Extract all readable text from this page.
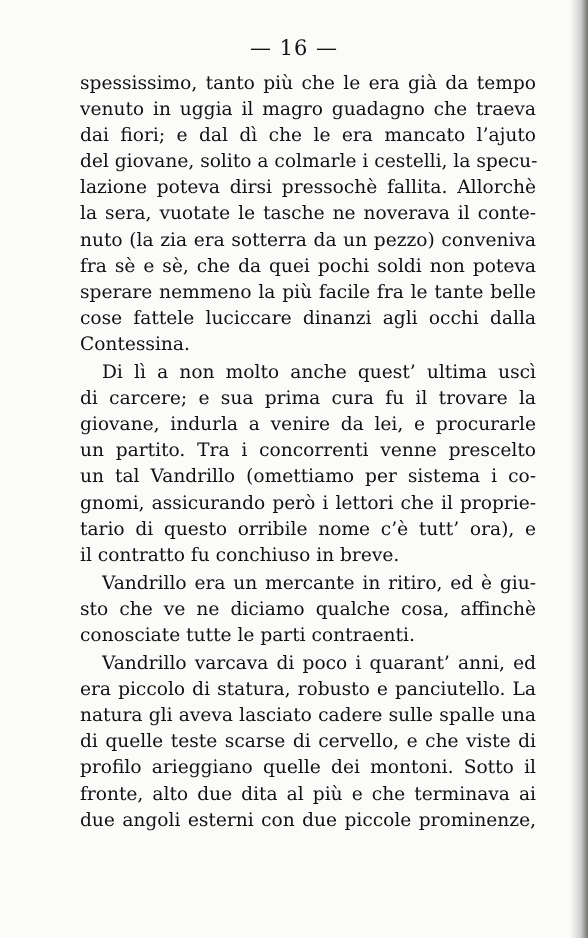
— 16 —
spessissimo, tanto più che le era già da tempo
venuto in uggia il magro guadagno che traeva
dai fiori; e dal dì che le era mancato l’ajuto
del giovane, solito a colmarle i cestelli, la specu-
lazione poteva dirsi pressochè fallita. Allorchè
la sera, vuotate le tasche ne noverava il conte-
nuto (la zia era sotterra da un pezzo) conveniva
fra sè e sè, che da quei pochi soldi non poteva
sperare nemmeno la più facile fra le tante belle
cose fattele luciccare dinanzi agli occhi dalla
Contessina.
Di lì a non molto anche quest’ ultima uscì
di carcere; e sua prima cura fu il trovare la
giovane, indurla a venire da lei, e procurarle
un partito. Tra i concorrenti venne prescelto
un tal Vandrillo (omettiamo per sistema i co-
gnomi, assicurando però i lettori che il proprie-
tario di questo orribile nome c’è tutt’ ora), e
il contratto fu conchiuso in breve.
Vandrillo era un mercante in ritiro, ed è giu-
sto che ve ne diciamo qualche cosa, affinchè
conosciate tutte le parti contraenti.
Vandrillo varcava di poco i quarant’ anni, ed
era piccolo di statura, robusto e panciutello. La
natura gli aveva lasciato cadere sulle spalle una
di quelle teste scarse di cervello, e che viste di
profilo arieggiano quelle dei montoni. Sotto il
fronte, alto due dita al più e che terminava ai
due angoli esterni con due piccole prominenze,
